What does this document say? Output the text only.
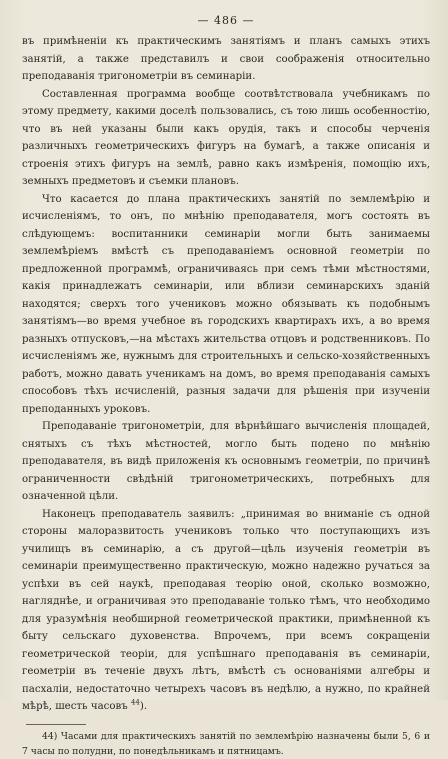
— 486 —

въ примѣненіи къ практическимъ занятіямъ и планъ самыхъ этихъ занятій, а также представилъ и свои соображенія относительно преподаванія тригонометріи въ семинаріи.

Составленная программа вообще соотвѣтствовала учебникамъ по этому предмету, какими доселѣ пользовались, съ тою лишь особенностію, что въ ней указаны были какъ орудія, такъ и способы черченія различныхъ геометрическихъ фигуръ на бумагѣ, а также описанія и строенія этихъ фигуръ на землѣ, равно какъ измѣренія, помощію ихъ, земныхъ предметовъ и съемки плановъ.

Что касается до плана практическихъ занятій по землемѣрію и исчисленіямъ, то онъ, по мнѣнію преподавателя, могъ состоять въ слѣдующемъ: воспитанники семинаріи могли быть занимаемы землемѣріемъ вмѣстѣ съ преподаваніемъ основной геометріи по предложенной программѣ, ограничиваясь при семъ тѣми мѣстностями, какія принадлежатъ семинаріи, или вблизи семинарскихъ зданій находятся; сверхъ того учениковъ можно обязывать къ подобнымъ занятіямъ—во время учебное въ городскихъ квартирахъ ихъ, а во время разныхъ отпусковъ,—на мѣстахъ жительства отцовъ и родственниковъ. По исчисленіямъ же, нужнымъ для строительныхъ и сельско-хозяйственныхъ работъ, можно давать ученикамъ на домъ, во время преподаванія самыхъ способовъ тѣхъ исчисленій, разныя задачи для рѣшенія при изученіи преподанныхъ уроковъ.

Преподаваніе тригонометріи, для вѣрнѣйшаго вычисленія площадей, снятыхъ съ тѣхъ мѣстностей, могло быть подено по мнѣнію преподавателя, въ видѣ приложенія къ основнымъ геометріи, по причинѣ ограниченности свѣдѣній тригонометрическихъ, потребныхъ для означенной цѣли.

Наконецъ преподаватель заявилъ: „принимая во вниманіе съ одной стороны малоразвитость учениковъ только что поступающихъ изъ училищъ въ семинарію, а съ другой—цѣль изученія геометріи въ семинаріи преимущественно практическую, можно надежно ручаться за успѣхи въ сей наукѣ, преподавая теорію оной, сколько возможно, нагляднѣе, и ограничивая это преподаваніе только тѣмъ, что необходимо для уразумѣнія необширной геометрической практики, примѣненной къ быту сельскаго духовенства. Впрочемъ, при всемъ сокращеніи геометрической теоріи, для успѣшнаго преподаванія въ семинаріи, геометріи въ теченіе двухъ лѣтъ, вмѣстѣ съ основаніями алгебры и пасхаліи, недостаточно четырехъ часовъ въ недѣлю, а нужно, по крайней мѣрѣ, шесть часовъ $^{44}$).

44) Часами для практическихъ занятій по землемѣрію назначены были 5, 6 и 7 часы по полудни, по понедѣльникамъ и пятницамъ.
